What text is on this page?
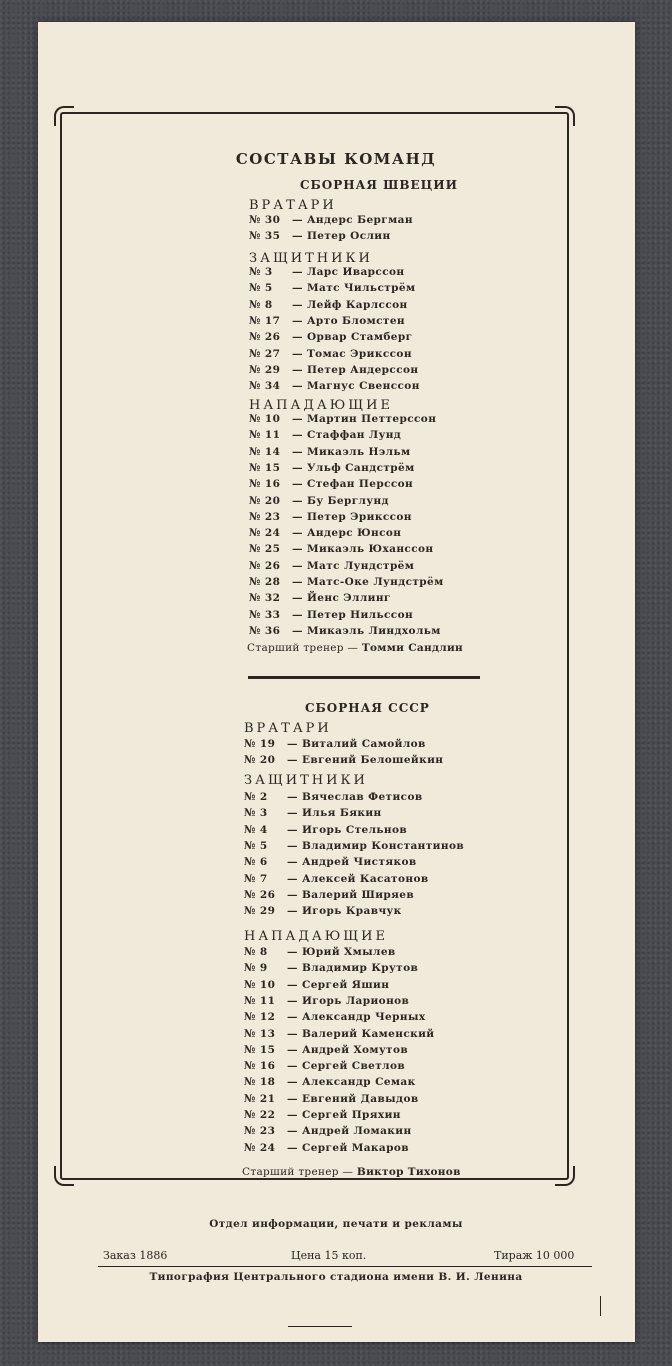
СОСТАВЫ КОМАНД
СБОРНАЯ ШВЕЦИИ
ВРАТАРИ
№ 30 — Андерс Бергман
№ 35 — Петер Ослин
ЗАЩИТНИКИ
№ 3 — Ларс Иварссон
№ 5 — Матс Чильстрём
№ 8 — Лейф Карлссон
№ 17 — Арто Бломстен
№ 26 — Орвар Стамберг
№ 27 — Томас Эрикссон
№ 29 — Петер Андерссон
№ 34 — Магнус Свенссон
НАПАДАЮЩИЕ
№ 10 — Мартин Петтерссон
№ 11 — Стаффан Лунд
№ 14 — Микаэль Нэльм
№ 15 — Ульф Сандстрём
№ 16 — Стефан Перссон
№ 20 — Бу Берглунд
№ 23 — Петер Эрикссон
№ 24 — Андерс Юнсон
№ 25 — Микаэль Юханссон
№ 26 — Матс Лундстрём
№ 28 — Матс-Оке Лундстрём
№ 32 — Йенс Эллинг
№ 33 — Петер Нильссон
№ 36 — Микаэль Линдхольм
Старший тренер — Томми Сандлин
СБОРНАЯ СССР
ВРАТАРИ
№ 19 — Виталий Самойлов
№ 20 — Евгений Белошейкин
ЗАЩИТНИКИ
№ 2 — Вячеслав Фетисов
№ 3 — Илья Бякин
№ 4 — Игорь Стельнов
№ 5 — Владимир Константинов
№ 6 — Андрей Чистяков
№ 7 — Алексей Касатонов
№ 26 — Валерий Ширяев
№ 29 — Игорь Кравчук
НАПАДАЮЩИЕ
№ 8 — Юрий Хмылев
№ 9 — Владимир Крутов
№ 10 — Сергей Яшин
№ 11 — Игорь Ларионов
№ 12 — Александр Черных
№ 13 — Валерий Каменский
№ 15 — Андрей Хомутов
№ 16 — Сергей Светлов
№ 18 — Александр Семак
№ 21 — Евгений Давыдов
№ 22 — Сергей Пряхин
№ 23 — Андрей Ломакин
№ 24 — Сергей Макаров
Старший тренер — Виктор Тихонов
Отдел информации, печати и рекламы
Заказ 1886	Цена 15 коп.	Тираж 10 000
Типография Центрального стадиона имени В. И. Ленина
